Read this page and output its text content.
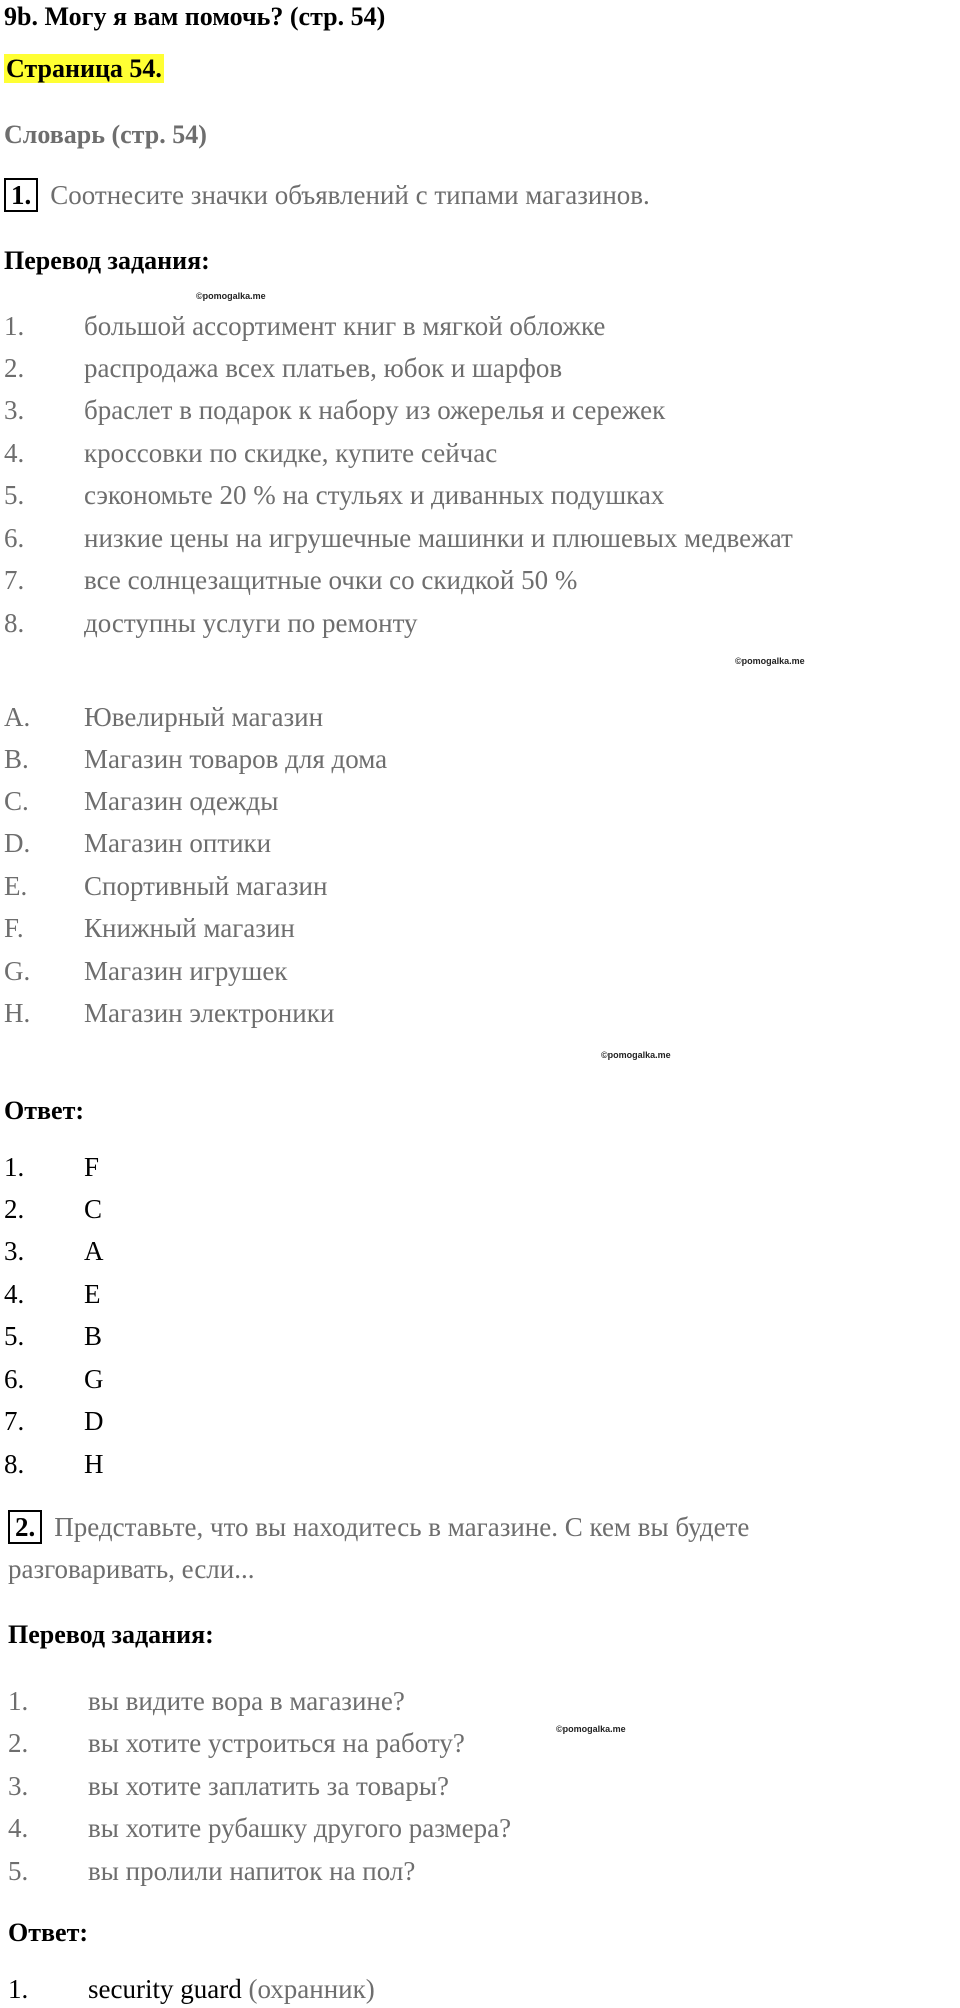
9b. Могу я вам помочь? (стр. 54)
Страница 54.
Словарь (стр. 54)
1. Соотнесите значки объявлений с типами магазинов.
Перевод задания:
©pomogalka.me
1. большой ассортимент книг в мягкой обложке
2. распродажа всех платьев, юбок и шарфов
3. браслет в подарок к набору из ожерелья и сережек
4. кроссовки по скидке, купите сейчас
5. сэкономьте 20 % на стульях и диванных подушках
6. низкие цены на игрушечные машинки и плюшевых медвежат
7. все солнцезащитные очки со скидкой 50 %
8. доступны услуги по ремонту
©pomogalka.me
A. Ювелирный магазин
B. Магазин товаров для дома
C. Магазин одежды
D. Магазин оптики
E. Спортивный магазин
F. Книжный магазин
G. Магазин игрушек
H. Магазин электроники
©pomogalka.me
Ответ:
1. F
2. C
3. A
4. E
5. B
6. G
7. D
8. H
2. Представьте, что вы находитесь в магазине. С кем вы будете
разговаривать, если...
Перевод задания:
1. вы видите вора в магазине?
2. вы хотите устроиться на работу?
3. вы хотите заплатить за товары?
4. вы хотите рубашку другого размера?
5. вы пролили напиток на пол?
©pomogalka.me
Ответ:
1. security guard (охранник)
